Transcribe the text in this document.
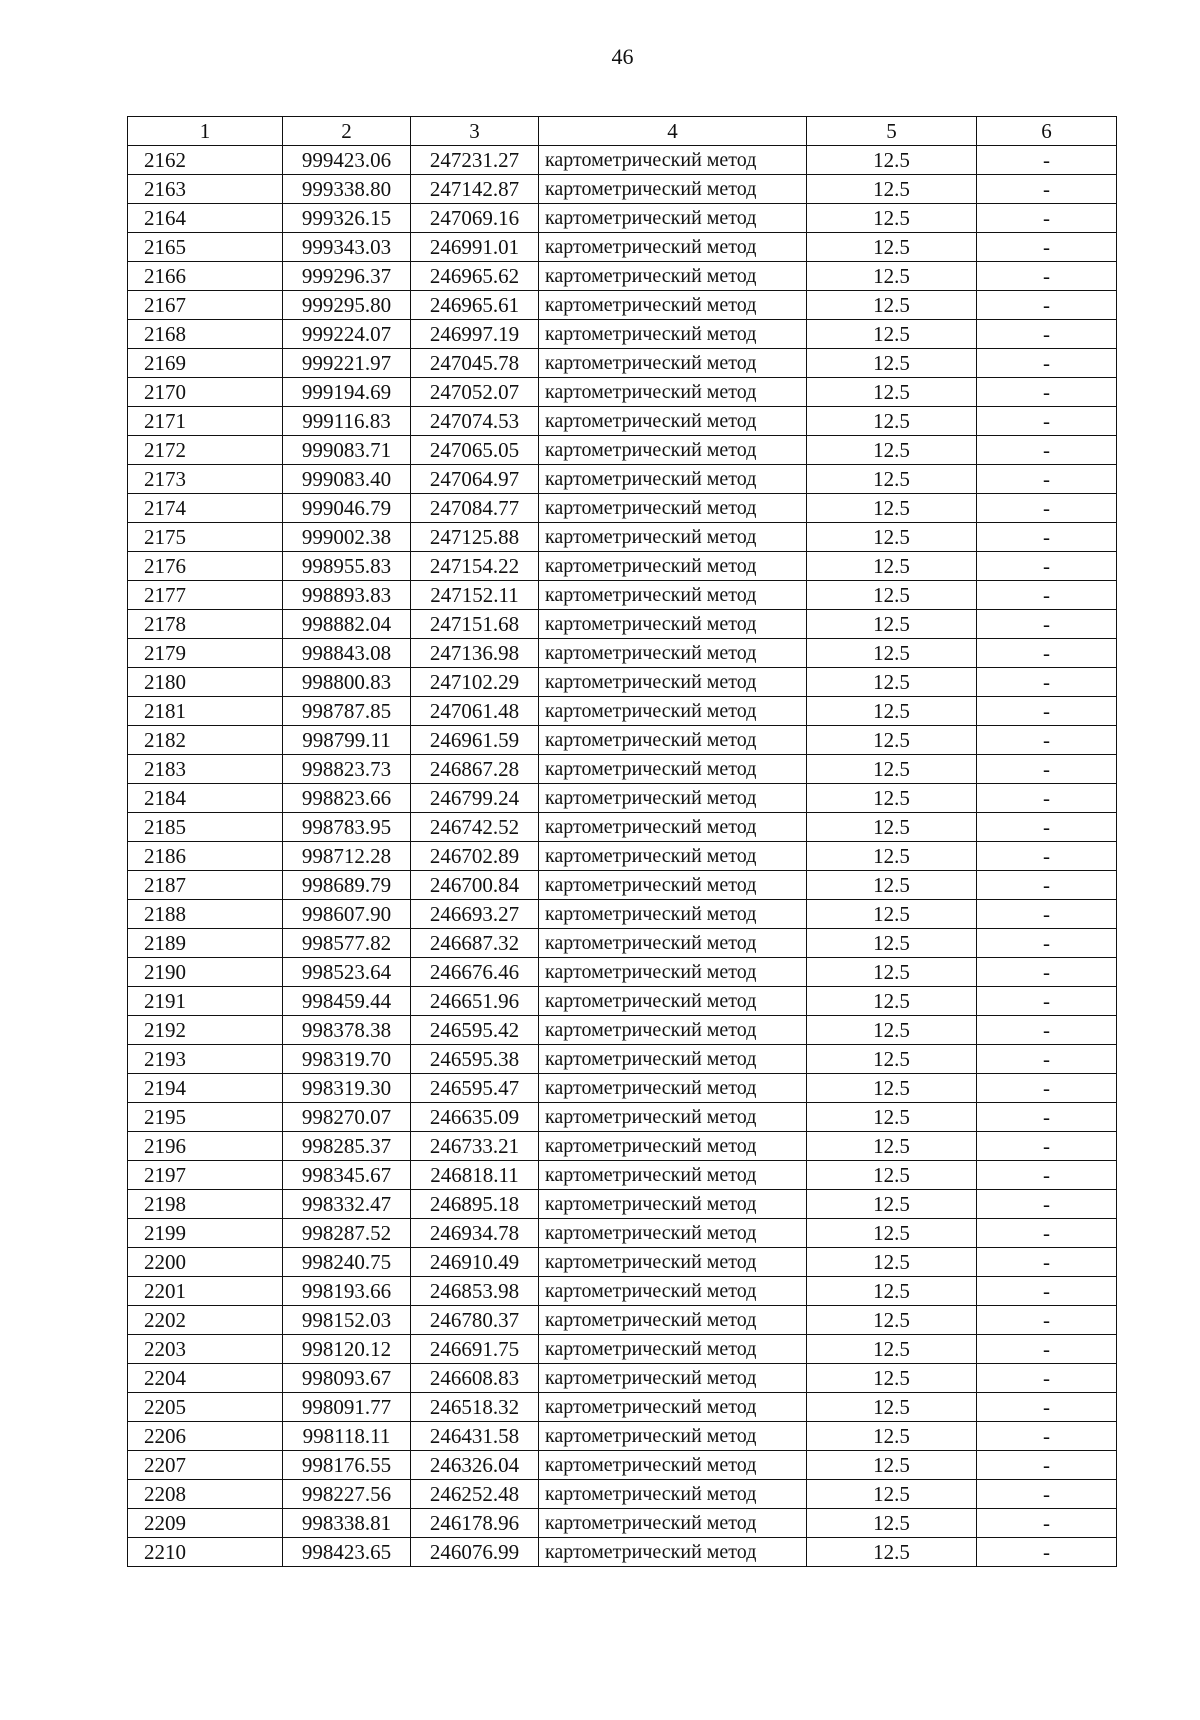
46
1	2	3	4	5	6
2162	999423.06	247231.27	картометрический метод	12.5	-
2163	999338.80	247142.87	картометрический метод	12.5	-
2164	999326.15	247069.16	картометрический метод	12.5	-
2165	999343.03	246991.01	картометрический метод	12.5	-
2166	999296.37	246965.62	картометрический метод	12.5	-
2167	999295.80	246965.61	картометрический метод	12.5	-
2168	999224.07	246997.19	картометрический метод	12.5	-
2169	999221.97	247045.78	картометрический метод	12.5	-
2170	999194.69	247052.07	картометрический метод	12.5	-
2171	999116.83	247074.53	картометрический метод	12.5	-
2172	999083.71	247065.05	картометрический метод	12.5	-
2173	999083.40	247064.97	картометрический метод	12.5	-
2174	999046.79	247084.77	картометрический метод	12.5	-
2175	999002.38	247125.88	картометрический метод	12.5	-
2176	998955.83	247154.22	картометрический метод	12.5	-
2177	998893.83	247152.11	картометрический метод	12.5	-
2178	998882.04	247151.68	картометрический метод	12.5	-
2179	998843.08	247136.98	картометрический метод	12.5	-
2180	998800.83	247102.29	картометрический метод	12.5	-
2181	998787.85	247061.48	картометрический метод	12.5	-
2182	998799.11	246961.59	картометрический метод	12.5	-
2183	998823.73	246867.28	картометрический метод	12.5	-
2184	998823.66	246799.24	картометрический метод	12.5	-
2185	998783.95	246742.52	картометрический метод	12.5	-
2186	998712.28	246702.89	картометрический метод	12.5	-
2187	998689.79	246700.84	картометрический метод	12.5	-
2188	998607.90	246693.27	картометрический метод	12.5	-
2189	998577.82	246687.32	картометрический метод	12.5	-
2190	998523.64	246676.46	картометрический метод	12.5	-
2191	998459.44	246651.96	картометрический метод	12.5	-
2192	998378.38	246595.42	картометрический метод	12.5	-
2193	998319.70	246595.38	картометрический метод	12.5	-
2194	998319.30	246595.47	картометрический метод	12.5	-
2195	998270.07	246635.09	картометрический метод	12.5	-
2196	998285.37	246733.21	картометрический метод	12.5	-
2197	998345.67	246818.11	картометрический метод	12.5	-
2198	998332.47	246895.18	картометрический метод	12.5	-
2199	998287.52	246934.78	картометрический метод	12.5	-
2200	998240.75	246910.49	картометрический метод	12.5	-
2201	998193.66	246853.98	картометрический метод	12.5	-
2202	998152.03	246780.37	картометрический метод	12.5	-
2203	998120.12	246691.75	картометрический метод	12.5	-
2204	998093.67	246608.83	картометрический метод	12.5	-
2205	998091.77	246518.32	картометрический метод	12.5	-
2206	998118.11	246431.58	картометрический метод	12.5	-
2207	998176.55	246326.04	картометрический метод	12.5	-
2208	998227.56	246252.48	картометрический метод	12.5	-
2209	998338.81	246178.96	картометрический метод	12.5	-
2210	998423.65	246076.99	картометрический метод	12.5	-
